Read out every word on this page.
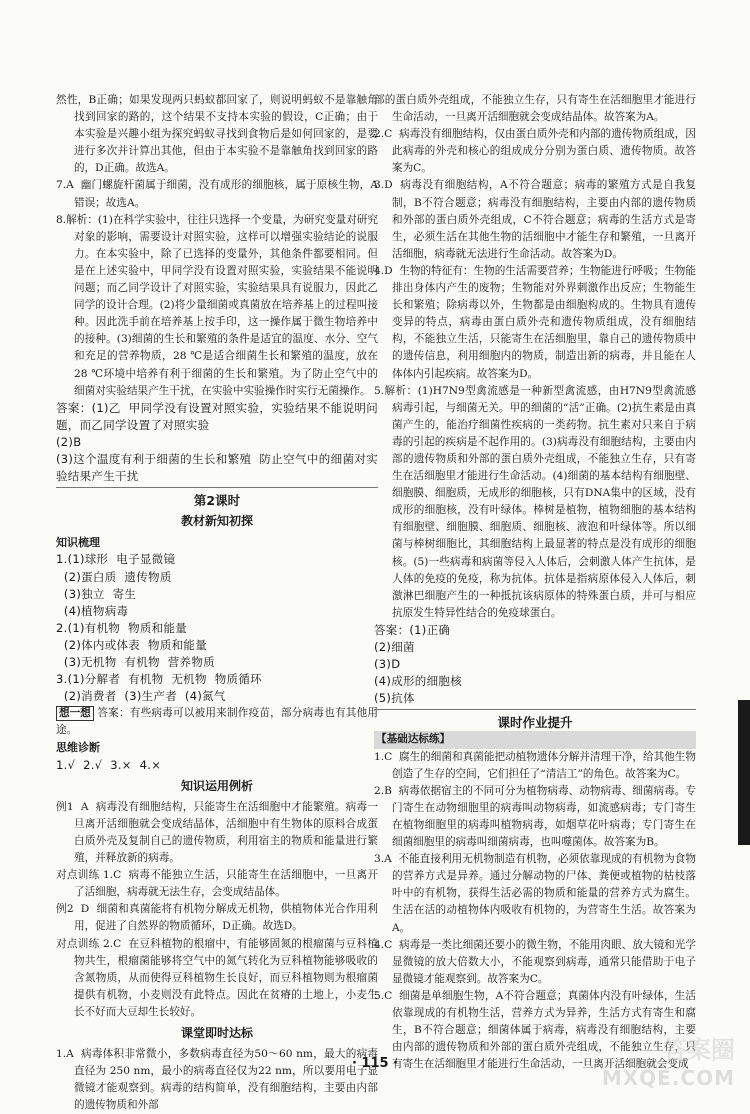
然性，B正确；如果发现两只蚂蚁都回家了，则说明蚂蚁不是靠触角找到回家的路的，这个结果不支持本实验的假设，C正确；由于本实验是兴趣小组为探究蚂蚁寻找到食物后是如何回家的，是要进行多次并计算出其他，但由于本实验不是靠触角找到回家的路的，D正确。故选A。

7.A  幽门螺旋杆菌属于细菌，没有成形的细胞核，属于原核生物，A错误；故选A。

8.解析：(1)在科学实验中，往往只选择一个变量，为研究变量对研究对象的影响，需要设计对照实验，这样可以增强实验结论的说服力。在本实验中，除了已选择的变量外，其他条件都要相同。但是在上述实验中，甲同学没有设置对照实验，实验结果不能说明问题；而乙同学设计了对照实验，实验结果具有说服力，因此乙同学的设计合理。(2)将少量细菌或真菌放在培养基上的过程叫接种。因此洗手前在培养基上按手印，这一操作属于微生物培养中的接种。(3)细菌的生长和繁殖的条件是适宜的温度、水分、空气和充足的营养物质，28 ℃是适合细菌生长和繁殖的温度，放在28 ℃环境中培养有利于细菌的生长和繁殖。为了防止空气中的细菌对实验结果产生干扰，在实验中实验操作时实行无菌操作。

答案：(1)乙  甲同学没有设置对照实验，实验结果不能说明问题，而乙同学设置了对照实验

(2)B

(3)这个温度有利于细菌的生长和繁殖  防止空气中的细菌对实验结果产生干扰

第2课时

教材新知初探

知识梳理

1.(1)球形  电子显微镜

(2)蛋白质  遗传物质

(3)独立  寄生

(4)植物病毒

2.(1)有机物  物质和能量

(2)体内或体表  物质和能量

(3)无机物  有机物  营养物质

3.(1)分解者  有机物  无机物  物质循环

(2)消费者  (3)生产者  (4)氮气

想一想 答案：有些病毒可以被用来制作疫苗，部分病毒也有其他用途。

思维诊断

1.√  2.√  3.×  4.×

知识运用例析

例1  A  病毒没有细胞结构，只能寄生在活细胞中才能繁殖。病毒一旦离开活细胞就会变成结晶体，活细胞中有生物体的原料合成蛋白质外壳及复制自己的遗传物质，利用宿主的物质和能量进行繁殖，并释放新的病毒。

对点训练 1.C  病毒不能独立生活，只能寄生在活细胞中，一旦离开了活细胞，病毒就无法生存，会变成结晶体。

例2  D  细菌和真菌能将有机物分解成无机物，供植物体光合作用利用，促进了自然界的物质循环，D正确。故选D。

对点训练 2.C  在豆科植物的根瘤中，有能够固氮的根瘤菌与豆科植物共生，根瘤菌能够将空气中的氮气转化为豆科植物能够吸收的含氮物质，从而使得豆科植物生长良好，而豆科植物则为根瘤菌提供有机物，小麦则没有此特点。因此在贫瘠的土地上，小麦生长不好而大豆却生长较好。

课堂即时达标

1.A  病毒体积非常微小，多数病毒直径为50～60 nm，最大的病毒直径为 250 nm，最小的病毒直径仅为22 nm，所以要用电子显微镜才能观察到。病毒的结构简单，没有细胞结构，主要由内部的遗传物质和外部

部的蛋白质外壳组成，不能独立生存，只有寄生在活细胞里才能进行生命活动，一旦离开活细胞就会变成结晶体。故答案为A。

2.C  病毒没有细胞结构，仅由蛋白质外壳和内部的遗传物质组成，因此病毒的外壳和核心的组成成分分别为蛋白质、遗传物质。故答案为C。

3.D  病毒没有细胞结构，A不符合题意；病毒的繁殖方式是自我复制，B不符合题意；病毒没有细胞结构，主要由内部的遗传物质和外部的蛋白质外壳组成，C不符合题意；病毒的生活方式是寄生，必须生活在其他生物的活细胞中才能生存和繁殖，一旦离开活细胞，病毒就无法进行生命活动。故答案为D。

4.D  生物的特征有：生物的生活需要营养；生物能进行呼吸；生物能排出身体内产生的废物；生物能对外界刺激作出反应；生物能生长和繁殖；除病毒以外，生物都是由细胞构成的。生物具有遗传变异的特点，病毒由蛋白质外壳和遗传物质组成，没有细胞结构，不能独立生活，只能寄生在活细胞里，靠自己的遗传物质中的遗传信息，利用细胞内的物质，制造出新的病毒，并且能在人体体内引起疾病。故答案为D。

5.解析：(1)H7N9型禽流感是一种新型禽流感，由H7N9型禽流感病毒引起，与细菌无关。甲的细菌的“活”正确。(2)抗生素是由真菌产生的，能治疗细菌性疾病的一类药物。抗生素对只来自于病毒的引起的疾病是不起作用的。(3)病毒没有细胞结构，主要由内部的遗传物质和外部的蛋白质外壳组成，不能独立生存，只有寄生在活细胞里才能进行生命活动。(4)细菌的基本结构有细胞壁、细胞膜、细胞质，无成形的细胞核，只有DNA集中的区域，没有成形的细胞核，没有叶绿体。棒树是植物，植物细胞的基本结构有细胞壁、细胞膜、细胞质、细胞核、液泡和叶绿体等。所以细菌与棒树细胞比，其细胞结构上最显著的特点是没有成形的细胞核。(5)一些病毒和病菌等侵入人体后，会刺激人体产生抗体，是人体的免疫的免疫，称为抗体。抗体是指病原体侵入人体后，刺激淋巴细胞产生的一种抵抗该病原体的特殊蛋白质，并可与相应抗原发生特异性结合的免疫球蛋白。

答案：(1)正确

(2)细菌

(3)D

(4)成形的细胞核

(5)抗体

课时作业提升

【基础达标练】

1.C  腐生的细菌和真菌能把动植物遗体分解并清理干净，给其他生物创造了生存的空间，它们担任了“清洁工”的角色。故答案为C。

2.B  病毒依据宿主的不同可分为植物病毒、动物病毒、细菌病毒。专门寄生在动物细胞里的病毒叫动物病毒，如流感病毒；专门寄生在植物细胞里的病毒叫植物病毒，如烟草花叶病毒；专门寄生在细菌细胞里的病毒叫细菌病毒，也叫噬菌体。故答案为B。

3.A  不能直接利用无机物制造有机物，必须依靠现成的有机物为食物的营养方式是异养。通过分解动物的尸体、粪便或植物的枯枝落叶中的有机物，获得生活必需的物质和能量的营养方式为腐生。生活在活的动植物体内吸收有机物的，为营寄生生活。故答案为A。

4.C  病毒是一类比细菌还要小的微生物，不能用肉眼、放大镜和光学显微镜的放大倍数大小，不能观察到病毒，通常只能借助于电子显微镜才能观察到。故答案为C。

5.C  细菌是单细胞生物，A不符合题意；真菌体内没有叶绿体，生活依靠现成的有机物生活，营养方式为异养，生活方式有寄生和腐生，B不符合题意；细菌体属于病毒，病毒没有细胞结构，主要由内部的遗传物质和外部的蛋白质外壳组成，不能独立生存，只有寄生在活细胞里才能进行生命活动，一旦离开活细胞就会变成

· 115 ·	答案圈
MXQE.COM
